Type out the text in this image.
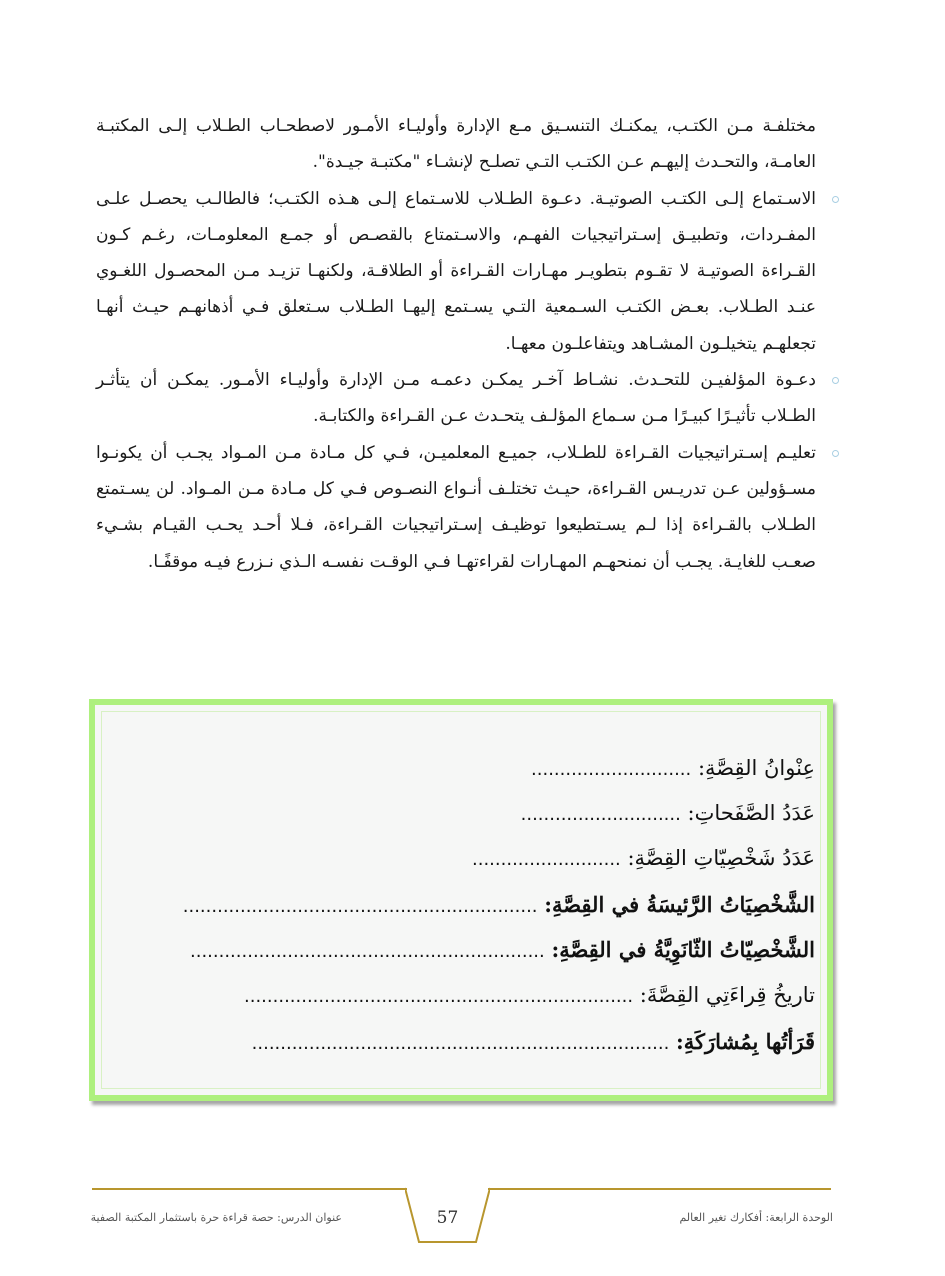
مختلفـة مـن الكتـب، يمكنـك التنسـيق مـع الإدارة وأوليـاء الأمـور لاصطحـاب الطـلاب إلـى المكتبـة العامـة، والتحـدث إليهـم عـن الكتـب التـي تصلـح لإنشـاء "مكتبـة جيـدة".

الاسـتماع إلـى الكتـب الصوتيـة. دعـوة الطـلاب للاسـتماع إلـى هـذه الكتـب؛ فالطالـب يحصـل علـى المفـردات، وتطبيـق إسـتراتيجيات الفهـم، والاسـتمتاع بالقصـص أو جمـع المعلومـات، رغـم كـون القـراءة الصوتيـة لا تقـوم بتطويـر مهـارات القـراءة أو الطلاقـة، ولكنهـا تزيـد مـن المحصـول اللغـوي عنـد الطـلاب. بعـض الكتـب السـمعية التـي يسـتمع إليهـا الطـلاب سـتعلق فـي أذهانهـم حيـث أنهـا تجعلهـم يتخيلـون المشـاهد ويتفاعلـون معهـا.

دعـوة المؤلفيـن للتحـدث. نشـاط آخـر يمكـن دعمـه مـن الإدارة وأوليـاء الأمـور. يمكـن أن يتأثـر الطـلاب تأثيـرًا كبيـرًا مـن سـماع المؤلـف يتحـدث عـن القـراءة والكتابـة.

تعليـم إسـتراتيجيات القـراءة للطـلاب، جميـع المعلميـن، فـي كل مـادة مـن المـواد يجـب أن يكونـوا مسـؤولين عـن تدريـس القـراءة، حيـث تختلـف أنـواع النصـوص فـي كل مـادة مـن المـواد. لن يسـتمتع الطـلاب بالقـراءة إذا لـم يسـتطيعوا توظيـف إسـتراتيجيات القـراءة، فـلا أحـد يحـب القيـام بشـيء صعـب للغايـة. يجـب أن نمنحهـم المهـارات لقراءتهـا فـي الوقـت نفسـه الـذي نـزرع فيـه موقفًـا.

عِنْوانُ القِصَّةِ: ............................
عَدَدُ الصَّفَحاتِ: ............................
عَدَدُ شَخْصِيّاتِ القِصَّةِ: ..........................
الشَّخْصِيَاتُ الرَّئيسَةُ في القِصَّةِ: ..............................................................
الشَّخْصِيّاتُ الثّانَوِيَّةُ في القِصَّةِ: ..............................................................
تاريخُ قِراءَتِي القِصَّةَ: ....................................................................
قَرَأتُها بِمُشارَكَةِ: .........................................................................
57
عنوان الدرس: حصة قراءة حرة باستثمار المكتبة الصفية	الوحدة الرابعة: أفكارك تغير العالم
